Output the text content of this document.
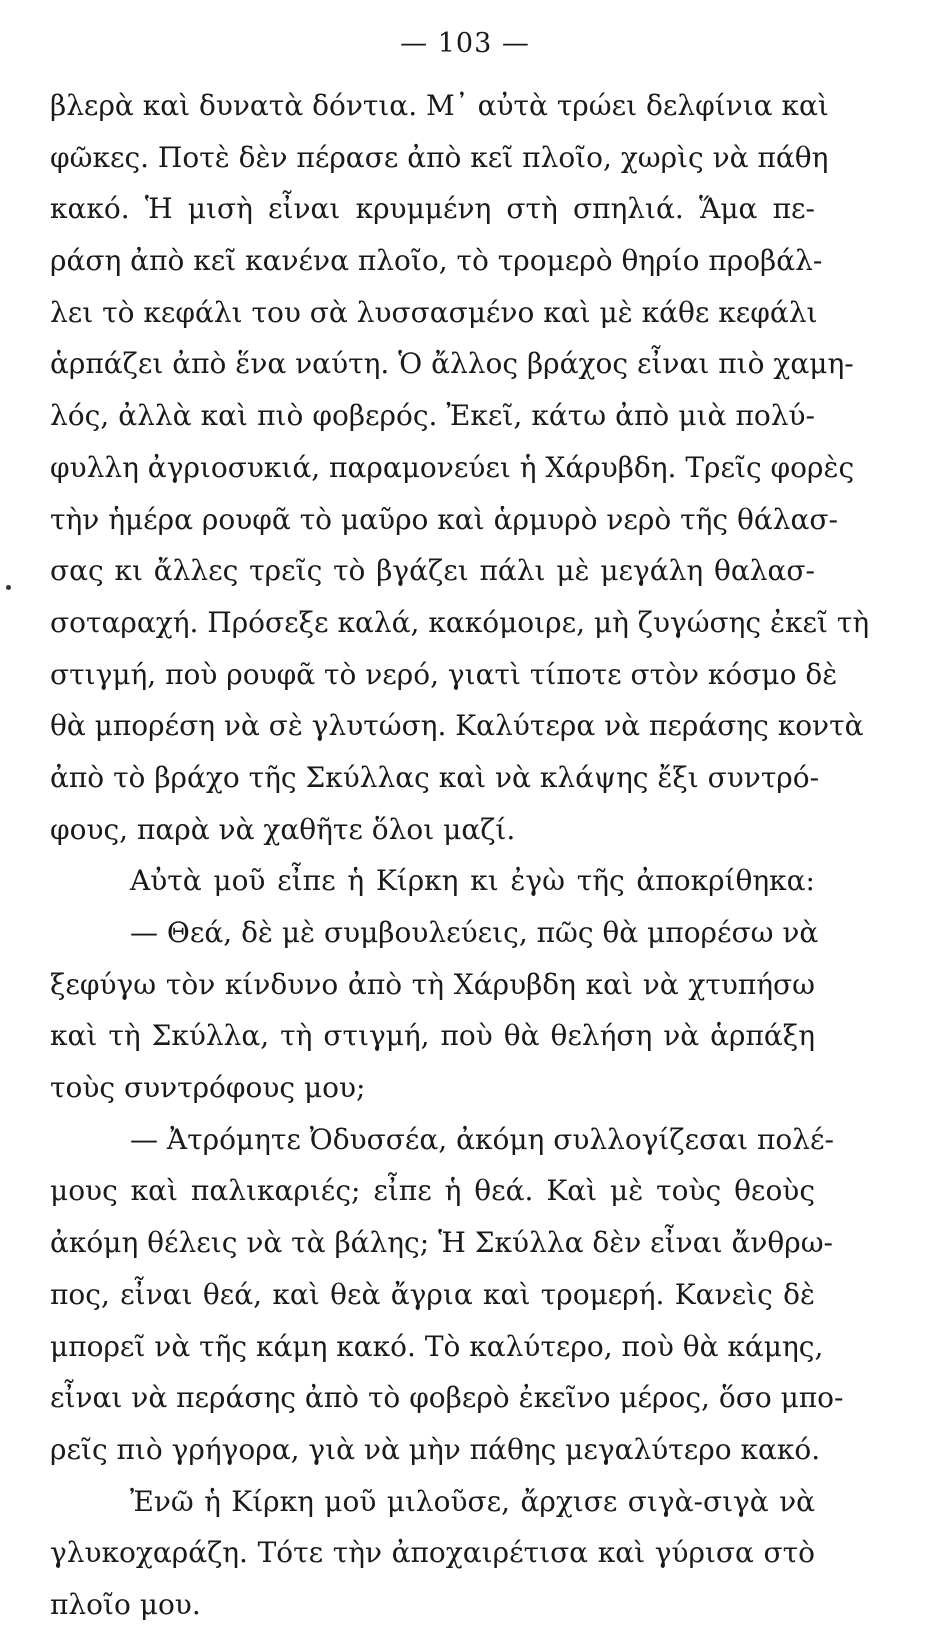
— 103 —
βλερὰ καὶ δυνατὰ δόντια. Μ᾽ αὐτὰ τρώει δελφίνια καὶ
φῶκες. Ποτὲ δὲν πέρασε ἀπὸ κεῖ πλοῖο, χωρὶς νὰ πάθη
κακό. Ἡ μισὴ εἶναι κρυμμένη στὴ σπηλιά. Ἅμα πε-
ράση ἀπὸ κεῖ κανένα πλοῖο, τὸ τρομερὸ θηρίο προβάλ-
λει τὸ κεφάλι του σὰ λυσσασμένο καὶ μὲ κάθε κεφάλι
ἁρπάζει ἀπὸ ἕνα ναύτη. Ὁ ἄλλος βράχος εἶναι πιὸ χαμη-
λός, ἀλλὰ καὶ πιὸ φοβερός. Ἐκεῖ, κάτω ἀπὸ μιὰ πολύ-
φυλλη ἀγριοσυκιά, παραμονεύει ἡ Χάρυβδη. Τρεῖς φορὲς
τὴν ἡμέρα ρουφᾶ τὸ μαῦρο καὶ ἁρμυρὸ νερὸ τῆς θάλασ-
σας κι ἄλλες τρεῖς τὸ βγάζει πάλι μὲ μεγάλη θαλασ-
σοταραχή. Πρόσεξε καλά, κακόμοιρε, μὴ ζυγώσης ἐκεῖ τὴ
στιγμή, ποὺ ρουφᾶ τὸ νερό, γιατὶ τίποτε στὸν κόσμο δὲ
θὰ μπορέση νὰ σὲ γλυτώση. Καλύτερα νὰ περάσης κοντὰ
ἀπὸ τὸ βράχο τῆς Σκύλλας καὶ νὰ κλάψης ἔξι συντρό-
φους, παρὰ νὰ χαθῆτε ὅλοι μαζί.
Αὐτὰ μοῦ εἶπε ἡ Κίρκη κι ἐγὼ τῆς ἀποκρίθηκα:
— Θεά, δὲ μὲ συμβουλεύεις, πῶς θὰ μπορέσω νὰ
ξεφύγω τὸν κίνδυνο ἀπὸ τὴ Χάρυβδη καὶ νὰ χτυπήσω
καὶ τὴ Σκύλλα, τὴ στιγμή, ποὺ θὰ θελήση νὰ ἁρπάξη
τοὺς συντρόφους μου;
— Ἀτρόμητε Ὀδυσσέα, ἀκόμη συλλογίζεσαι πολέ-
μους καὶ παλικαριές; εἶπε ἡ θεά. Καὶ μὲ τοὺς θεοὺς
ἀκόμη θέλεις νὰ τὰ βάλης; Ἡ Σκύλλα δὲν εἶναι ἄνθρω-
πος, εἶναι θεά, καὶ θεὰ ἄγρια καὶ τρομερή. Κανεὶς δὲ
μπορεῖ νὰ τῆς κάμη κακό. Τὸ καλύτερο, ποὺ θὰ κάμης,
εἶναι νὰ περάσης ἀπὸ τὸ φοβερὸ ἐκεῖνο μέρος, ὅσο μπο-
ρεῖς πιὸ γρήγορα, γιὰ νὰ μὴν πάθης μεγαλύτερο κακό.
Ἐνῶ ἡ Κίρκη μοῦ μιλοῦσε, ἄρχισε σιγὰ-σιγὰ νὰ
γλυκοχαράζη. Τότε τὴν ἀποχαιρέτισα καὶ γύρισα στὸ
πλοῖο μου.
